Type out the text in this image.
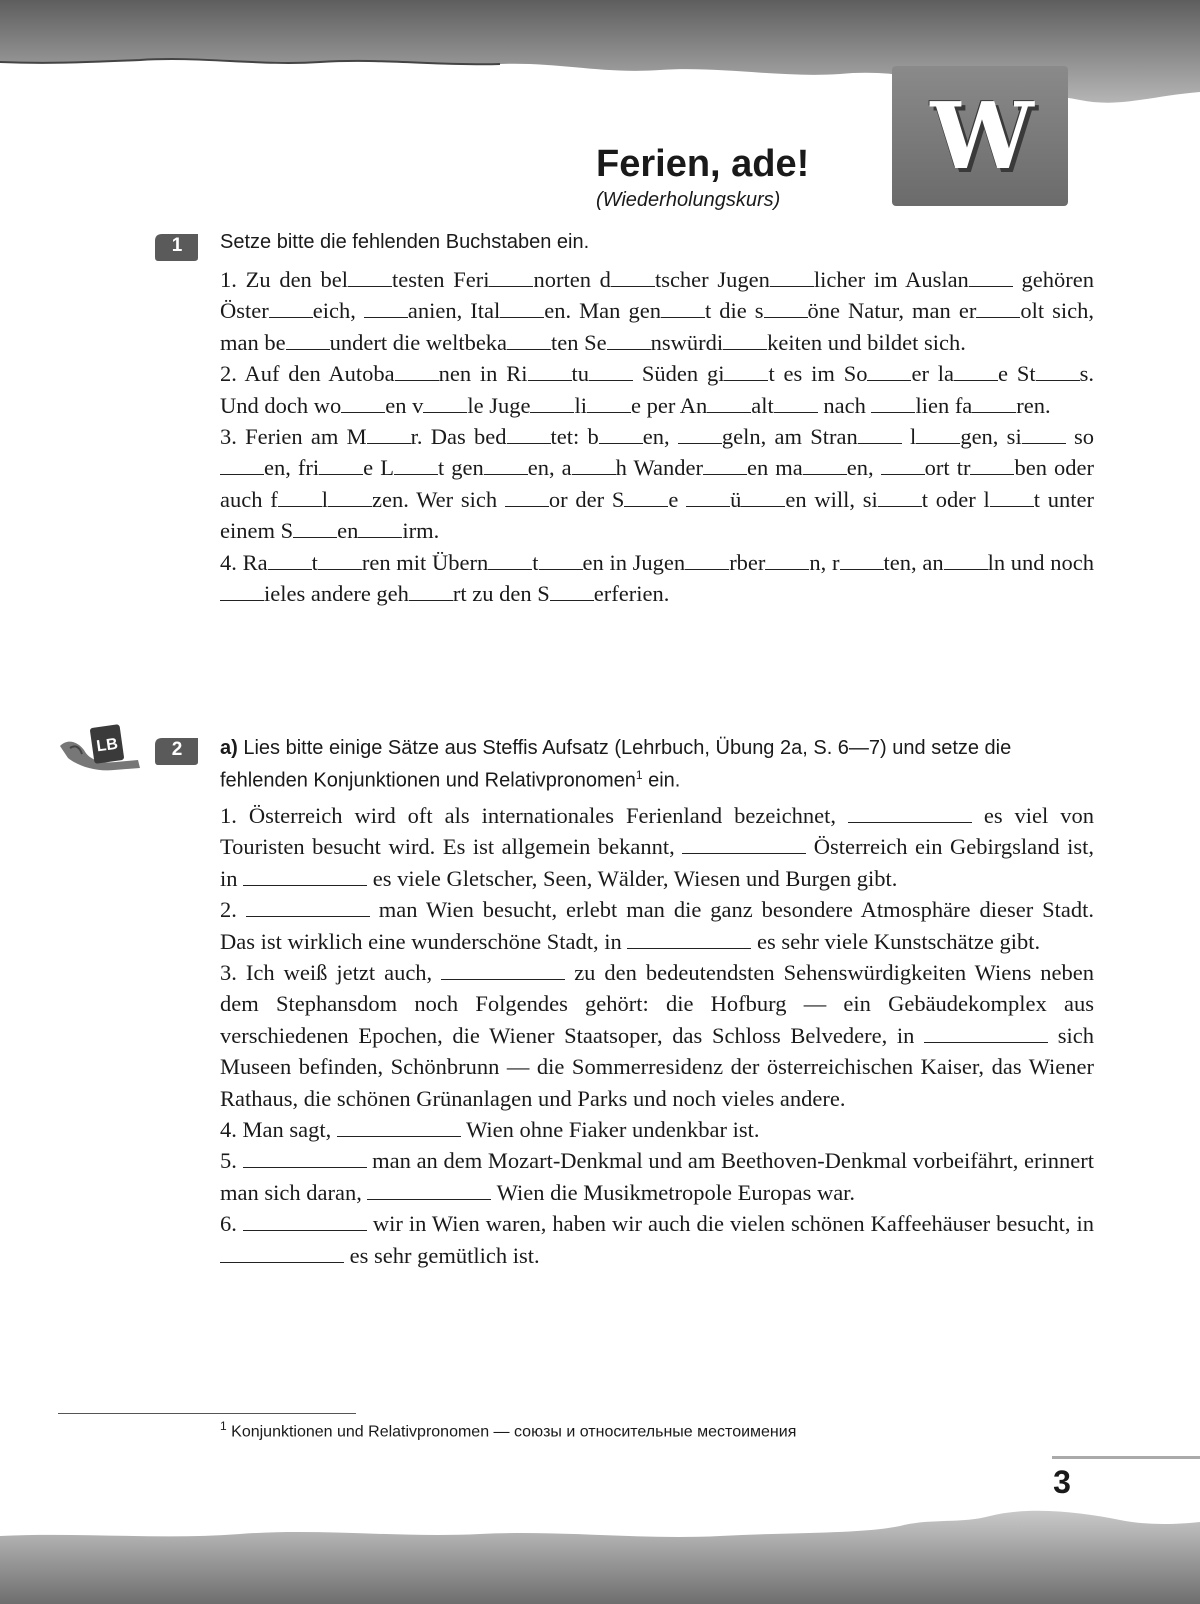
W
Ferien, ade!
(Wiederholungskurs)
1	Setze bitte die fehlenden Buchstaben ein.

1. Zu den bel testen Feri norten d tscher Jugen licher im Auslan gehören Öster eich, anien, Ital en. Man gen t die s öne Natur, man er olt sich, man be undert die weltbeka ten Se nswürdi keiten und bildet sich.

2. Auf den Autoba nen in Ri tu Süden gi t es im So er la e St s. Und doch wo en v le Juge li e per An alt nach lien fa ren.

3. Ferien am M r. Das bed tet: b en, geln, am Stran l gen, si soen, fri e L t gen en, a h Wander en ma en, ort tr ben oder auch f l zen. Wer sich or der S e ü en will, si t oder l t unter einem S en irm.

4. Ra t ren mit Übern t en in Jugen rber n, r ten, an ln und noch ieles andere geh rt zu den S erferien.

LB	2	a) Lies bitte einige Sätze aus Steffis Aufsatz (Lehrbuch, Übung 2a, S. 6—7) und setze die fehlenden Konjunktionen und Relativpronomen$^1$ ein.

1. Österreich wird oft als internationales Ferienland bezeichnet,	es viel von Touristen besucht wird. Es ist allgemein bekannt,	Österreich ein Gebirgsland ist, in	es viele Gletscher, Seen, Wälder, Wiesen und Burgen gibt.

2.	man Wien besucht, erlebt man die ganz besondere Atmosphäre dieser Stadt. Das ist wirklich eine wunderschöne Stadt, in	es sehr viele Kunstschätze gibt.

3. Ich weiß jetzt auch,	zu den bedeutendsten Sehenswürdigkeiten Wiens neben dem Stephansdom noch Folgendes gehört: die Hofburg — ein Gebäudekomplex aus verschiedenen Epochen, die Wiener Staatsoper, das Schloss Belvedere, in	sich Museen befinden, Schönbrunn — die Sommerresidenz der österreichischen Kaiser, das Wiener Rathaus, die schönen Grünanlagen und Parks und noch vieles andere.

4. Man sagt,	Wien ohne Fiaker undenkbar ist.

5.	man an dem Mozart-Denkmal und am Beethoven-Denkmal vorbeifährt, erinnert man sich daran,	Wien die Musikmetropole Europas war.

6.	wir in Wien waren, haben wir auch die vielen schönen Kaffeehäuser besucht, in  es sehr gemütlich ist.

$^1$ Konjunktionen und Relativpronomen — союзы и относительные местоимения
3
